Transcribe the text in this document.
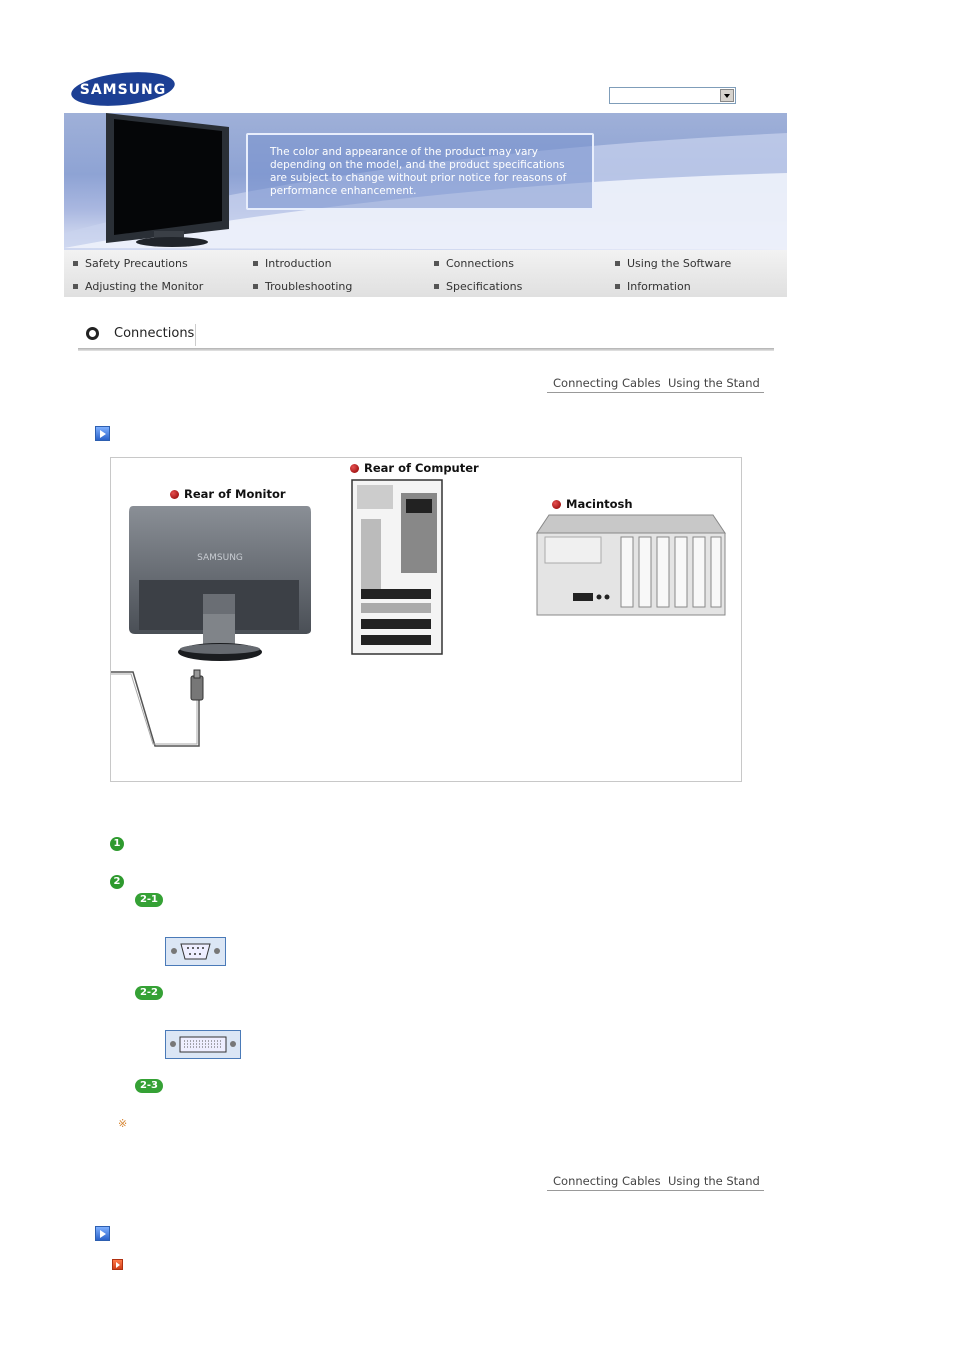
SAMSUNG
The color and appearance of the product may vary depending on the model, and the product specifications are subject to change without prior notice for reasons of performance enhancement.
Safety Precautions	Introduction	Connections	Using the Software
Adjusting the Monitor	Troubleshooting	Specifications	Information
Connections
Connecting Cables Using the Stand
Rear of Monitor
Rear of Computer
Macintosh
SAMSUNG
1
2
2-1
2-2
2-3
※
Connecting Cables Using the Stand
